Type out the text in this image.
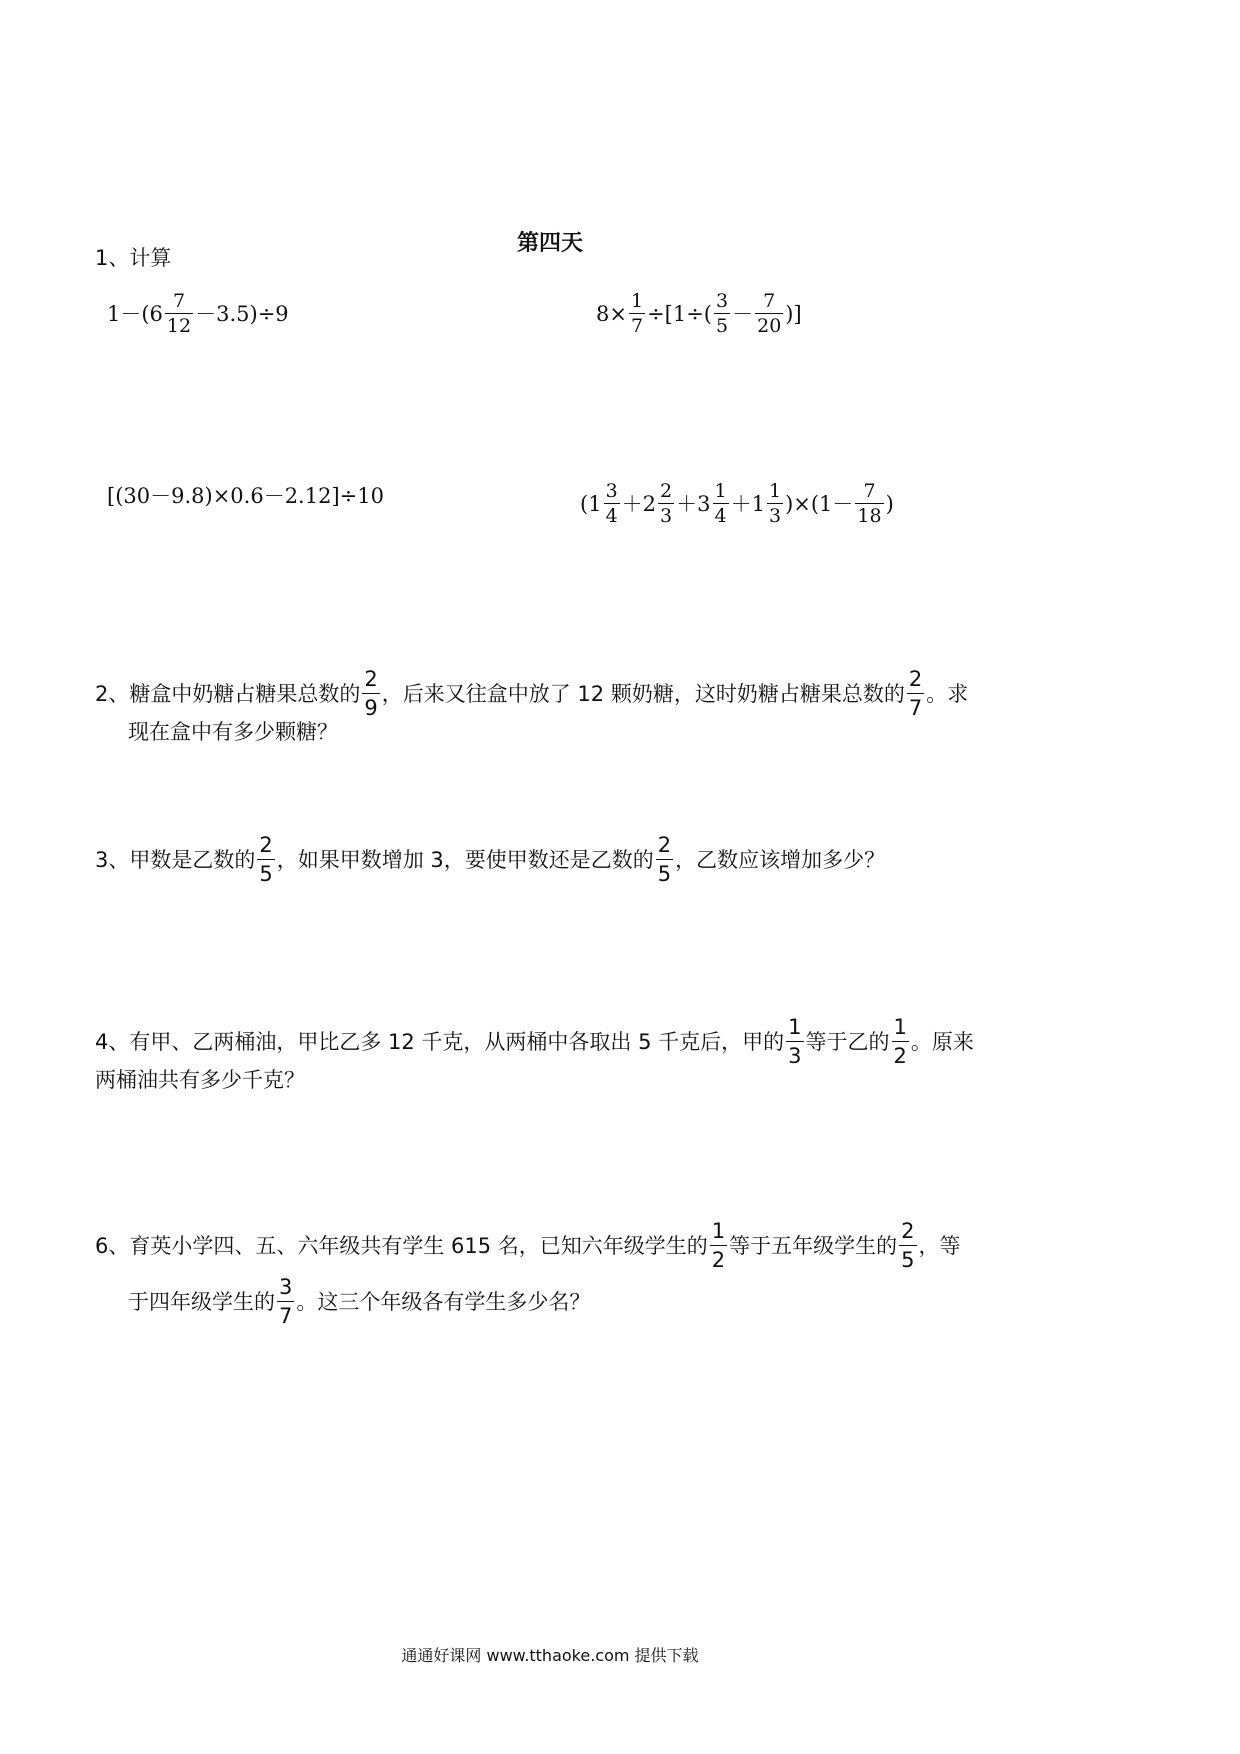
第四天
1、计算
$1-(6 \frac{7}{12} -3.5)\div 9$	$8\times \frac{1}{7} \div[1\div( \frac{3}{5} - \frac{7}{20}$ )]
[(30－9.8)×0.6－2.12]÷10	$(1 \frac{3}{4} +2 \frac{2}{3} +3 \frac{1}{4} +1 \frac{1}{3} )\times(1- \frac{7}{18}$ )
2、糖盒中奶糖占糖果总数的 $\frac{2}{9}$ ，后来又往盒中放了 12 颗奶糖，这时奶糖占糖果总数的 $\frac{2}{7}$ 。求
现在盒中有多少颗糖？
3、甲数是乙数的 $\frac{2}{5}$ ，如果甲数增加 3，要使甲数还是乙数的 $\frac{2}{5}$ ，乙数应该增加多少？
4、有甲、乙两桶油，甲比乙多 12 千克，从两桶中各取出 5 千克后，甲的 $\frac{1}{3}$ 等于乙的 $\frac{1}{2}$ 。原来
两桶油共有多少千克？
6、育英小学四、五、六年级共有学生 615 名，已知六年级学生的 $\frac{1}{2}$ 等于五年级学生的 $\frac{2}{5}$ ，等
于四年级学生的 $\frac{3}{7}$ 。这三个年级各有学生多少名？
通通好课网 www.tthaoke.com 提供下载
